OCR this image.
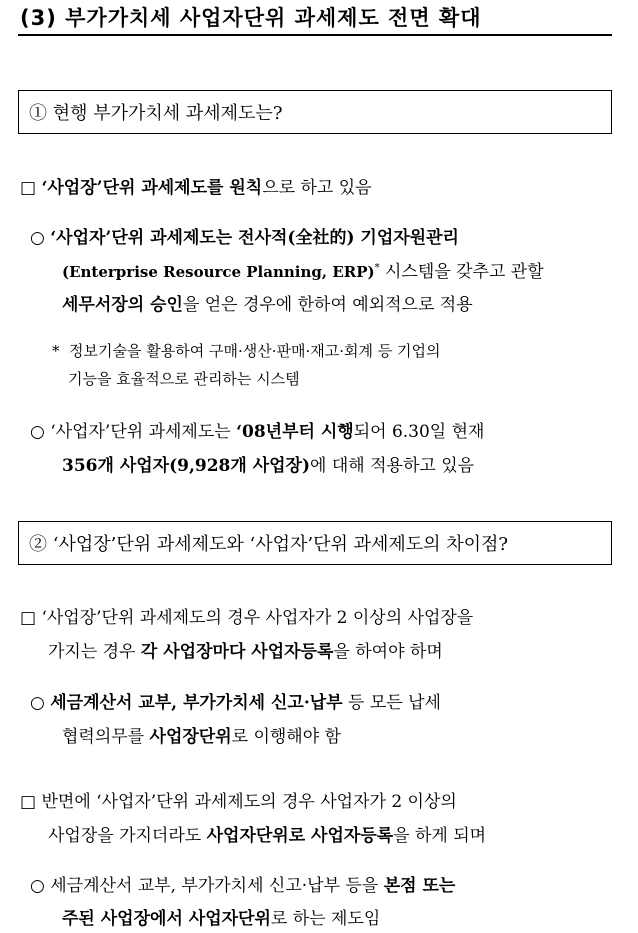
(3) 부가가치세 사업자단위 과세제도 전면 확대
① 현행 부가가치세 과세제도는?
□ ‘사업장’단위 과세제도를 원칙으로 하고 있음
○ ‘사업자’단위 과세제도는 전사적(全社的) 기업자원관리
(Enterprise Resource Planning, ERP)* 시스템을 갖추고 관할
세무서장의 승인을 얻은 경우에 한하여 예외적으로 적용
* 정보기술을 활용하여 구매·생산·판매·재고·회계 등 기업의
기능을 효율적으로 관리하는 시스템
○ ‘사업자’단위 과세제도는 ‘08년부터 시행되어 6.30일 현재
356개 사업자(9,928개 사업장)에 대해 적용하고 있음
② ‘사업장’단위 과세제도와 ‘사업자’단위 과세제도의 차이점?
□ ‘사업장’단위 과세제도의 경우 사업자가 2 이상의 사업장을
가지는 경우 각 사업장마다 사업자등록을 하여야 하며
○ 세금계산서 교부, 부가가치세 신고·납부 등 모든 납세
협력의무를 사업장단위로 이행해야 함
□ 반면에 ‘사업자’단위 과세제도의 경우 사업자가 2 이상의
사업장을 가지더라도 사업자단위로 사업자등록을 하게 되며
○ 세금계산서 교부, 부가가치세 신고·납부 등을 본점 또는
주된 사업장에서 사업자단위로 하는 제도임
